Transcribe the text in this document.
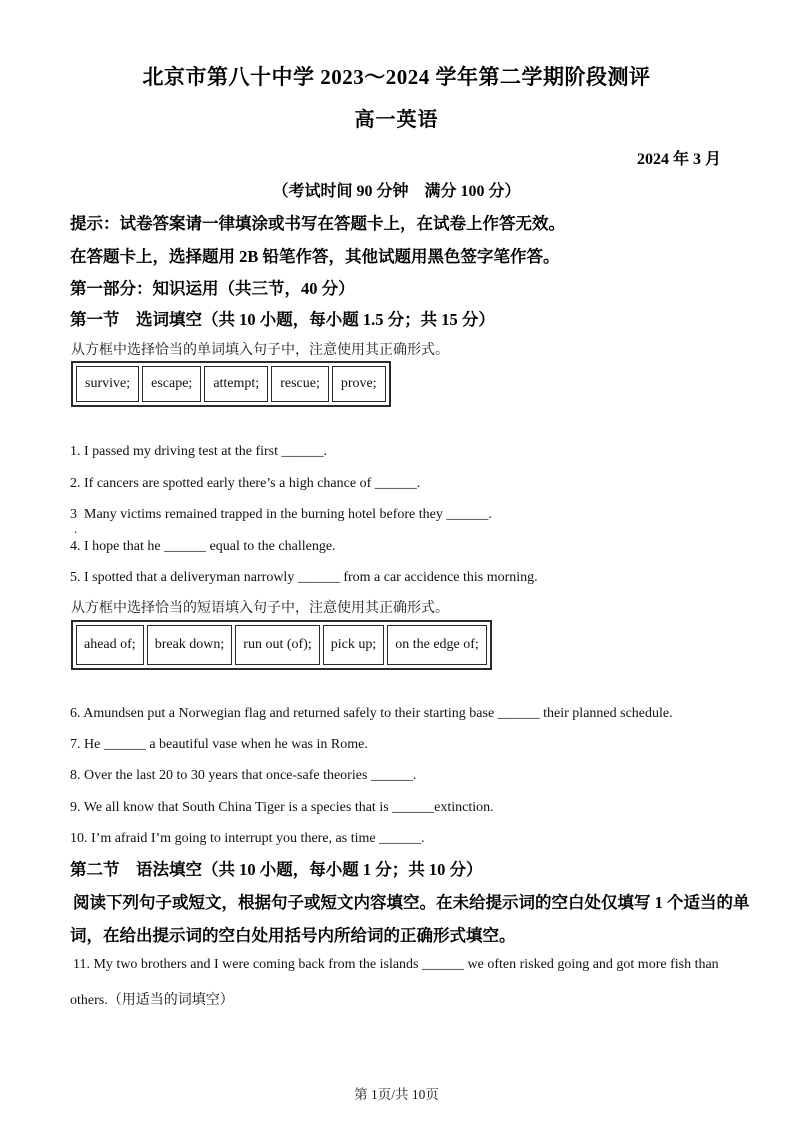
北京市第八十中学 2023～2024 学年第二学期阶段测评
高一英语
2024 年 3 月
（考试时间 90 分钟　满分 100 分）
提示：试卷答案请一律填涂或书写在答题卡上，在试卷上作答无效。
在答题卡上，选择题用 2B 铅笔作答，其他试题用黑色签字笔作答。
第一部分：知识运用（共三节，40 分）
第一节　选词填空（共 10 小题，每小题 1.5 分；共 15 分）
从方框中选择恰当的单词填入句子中，注意使用其正确形式。
survive;	escape;	attempt;	rescue;	prove;
1. I passed my driving test at the first ______.
2. If cancers are spotted early there’s a high chance of ______.
3  Many victims remained trapped in the burning hotel before they ______.
.
4. I hope that he ______ equal to the challenge.
5. I spotted that a deliveryman narrowly ______ from a car accidence this morning.
从方框中选择恰当的短语填入句子中，注意使用其正确形式。
ahead of;	break down;	run out (of);	pick up;	on the edge of;
6. Amundsen put a Norwegian flag and returned safely to their starting base ______ their planned schedule.
7. He ______ a beautiful vase when he was in Rome.
8. Over the last 20 to 30 years that once-safe theories ______.
9. We all know that South China Tiger is a species that is ______extinction.
10. I’m afraid I’m going to interrupt you there, as time ______.
第二节　语法填空（共 10 小题，每小题 1 分；共 10 分）
阅读下列句子或短文，根据句子或短文内容填空。在未给提示词的空白处仅填写 1 个适当的单
词，在给出提示词的空白处用括号内所给词的正确形式填空。
11. My two brothers and I were coming back from the islands ______ we often risked going and got more fish than
others.（用适当的词填空）
第 1页/共 10页
